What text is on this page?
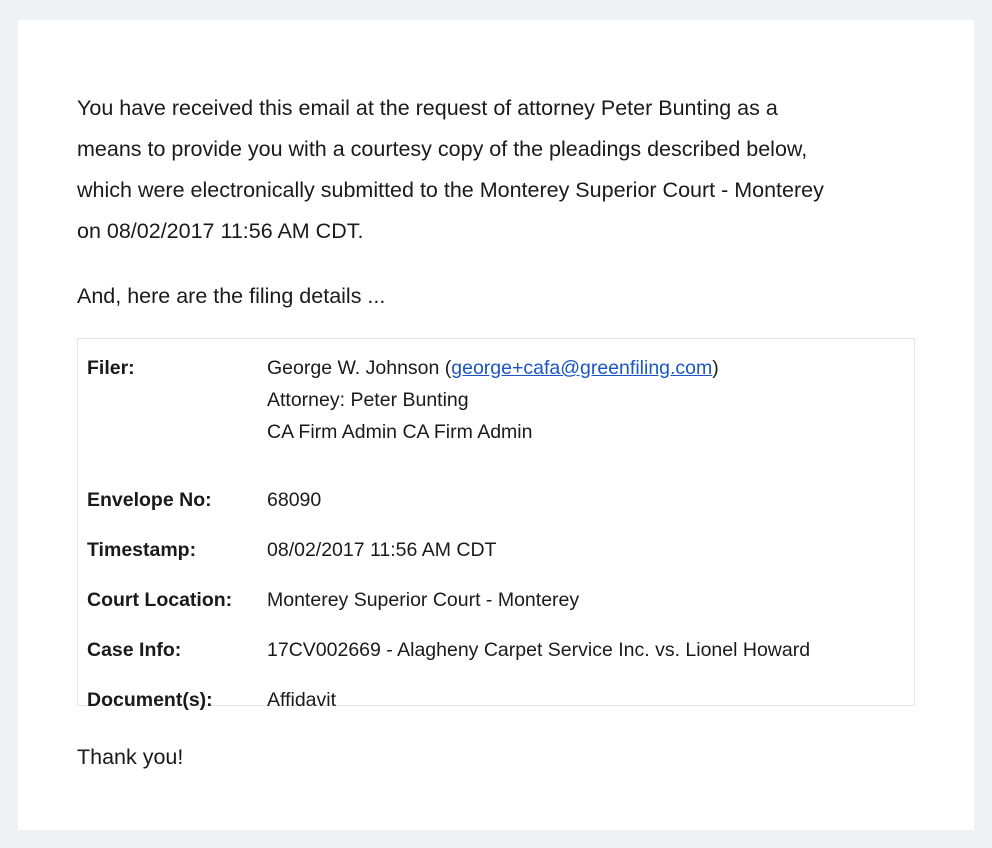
You have received this email at the request of attorney Peter Bunting as a
means to provide you with a courtesy copy of the pleadings described below,
which were electronically submitted to the Monterey Superior Court - Monterey
on 08/02/2017 11:56 AM CDT.

And, here are the filing details ...

Filer:	George W. Johnson (george+cafa@greenfiling.com)
Attorney: Peter Bunting
CA Firm Admin CA Firm Admin
Envelope No:	68090
Timestamp:	08/02/2017 11:56 AM CDT
Court Location: Monterey Superior Court - Monterey
Case Info:	17CV002669 - Alagheny Carpet Service Inc. vs. Lionel Howard
Document(s):	Affidavit

Thank you!
